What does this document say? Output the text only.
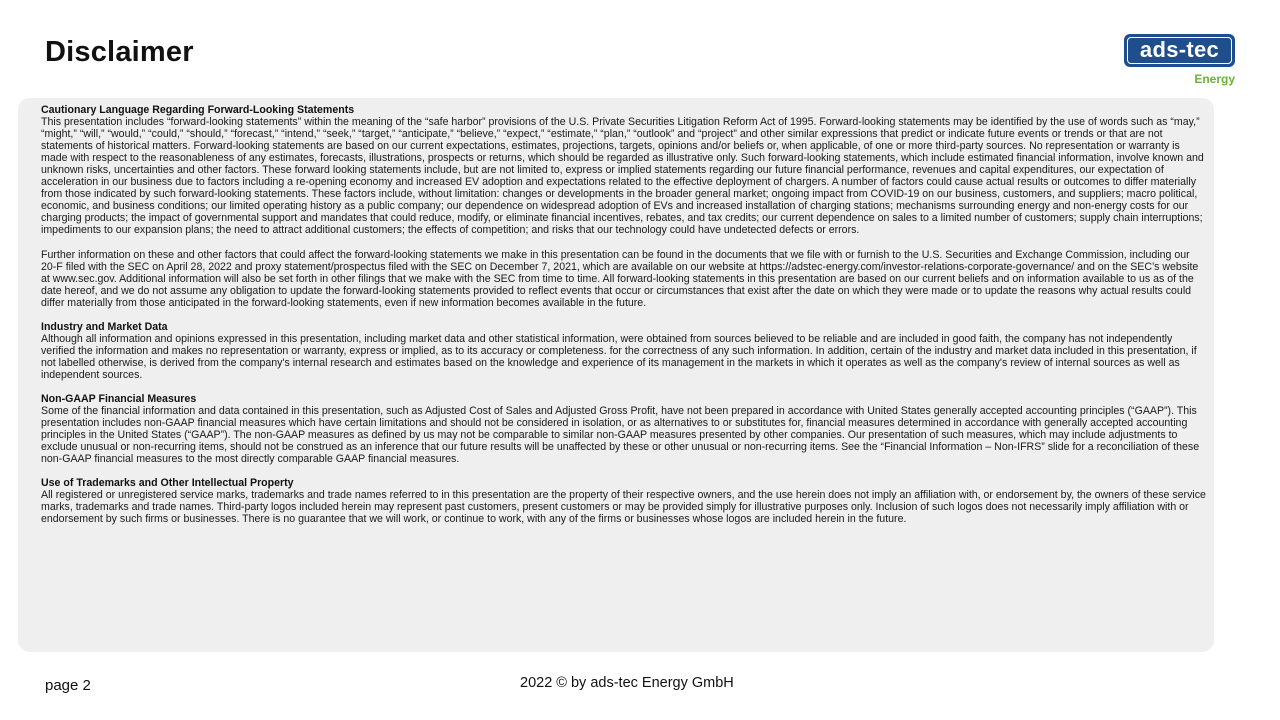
Disclaimer	ads-tec
Energy
Cautionary Language Regarding Forward-Looking Statements

This presentation includes “forward-looking statements” within the meaning of the “safe harbor” provisions of the U.S. Private Securities Litigation Reform Act of 1995. Forward-looking statements may be identified by the use of words such as “may,” “might,” “will,” “would,” “could,” “should,” “forecast,” “intend,” “seek,” “target,” “anticipate,” “believe,” “expect,” “estimate,” “plan,” “outlook” and “project” and other similar expressions that predict or indicate future events or trends or that are not statements of historical matters. Forward-looking statements are based on our current expectations, estimates, projections, targets, opinions and/or beliefs or, when applicable, of one or more third-party sources. No representation or warranty is made with respect to the reasonableness of any estimates, forecasts, illustrations, prospects or returns, which should be regarded as illustrative only. Such forward-looking statements, which include estimated financial information, involve known and unknown risks, uncertainties and other factors. These forward looking statements include, but are not limited to, express or implied statements regarding our future financial performance, revenues and capital expenditures, our expectation of acceleration in our business due to factors including a re-opening economy and increased EV adoption and expectations related to the effective deployment of chargers. A number of factors could cause actual results or outcomes to differ materially from those indicated by such forward-looking statements. These factors include, without limitation: changes or developments in the broader general market; ongoing impact from COVID-19 on our business, customers, and suppliers; macro political, economic, and business conditions; our limited operating history as a public company; our dependence on widespread adoption of EVs and increased installation of charging stations; mechanisms surrounding energy and non-energy costs for our charging products; the impact of governmental support and mandates that could reduce, modify, or eliminate financial incentives, rebates, and tax credits; our current dependence on sales to a limited number of customers; supply chain interruptions; impediments to our expansion plans; the need to attract additional customers; the effects of competition; and risks that our technology could have undetected defects or errors.

Further information on these and other factors that could affect the forward-looking statements we make in this presentation can be found in the documents that we file with or furnish to the U.S. Securities and Exchange Commission, including our 20-F filed with the SEC on April 28, 2022 and proxy statement/prospectus filed with the SEC on December 7, 2021, which are available on our website at https://adstec-energy.com/investor-relations-corporate-governance/ and on the SEC’s website at www.sec.gov. Additional information will also be set forth in other filings that we make with the SEC from time to time. All forward-looking statements in this presentation are based on our current beliefs and on information available to us as of the date hereof, and we do not assume any obligation to update the forward-looking statements provided to reflect events that occur or circumstances that exist after the date on which they were made or to update the reasons why actual results could differ materially from those anticipated in the forward-looking statements, even if new information becomes available in the future.

Industry and Market Data

Although all information and opinions expressed in this presentation, including market data and other statistical information, were obtained from sources believed to be reliable and are included in good faith, the company has not independently verified the information and makes no representation or warranty, express or implied, as to its accuracy or completeness. for the correctness of any such information. In addition, certain of the industry and market data included in this presentation, if not labelled otherwise, is derived from the company's internal research and estimates based on the knowledge and experience of its management in the markets in which it operates as well as the company's review of internal sources as well as independent sources.

Non-GAAP Financial Measures

Some of the financial information and data contained in this presentation, such as Adjusted Cost of Sales and Adjusted Gross Profit, have not been prepared in accordance with United States generally accepted accounting principles (“GAAP”). This presentation includes non-GAAP financial measures which have certain limitations and should not be considered in isolation, or as alternatives to or substitutes for, financial measures determined in accordance with generally accepted accounting principles in the United States (“GAAP”). The non-GAAP measures as defined by us may not be comparable to similar non-GAAP measures presented by other companies. Our presentation of such measures, which may include adjustments to exclude unusual or non-recurring items, should not be construed as an inference that our future results will be unaffected by these or other unusual or non-recurring items. See the “Financial Information – Non-IFRS” slide for a reconciliation of these non-GAAP financial measures to the most directly comparable GAAP financial measures.

Use of Trademarks and Other Intellectual Property

All registered or unregistered service marks, trademarks and trade names referred to in this presentation are the property of their respective owners, and the use herein does not imply an affiliation with, or endorsement by, the owners of these service marks, trademarks and trade names. Third-party logos included herein may represent past customers, present customers or may be provided simply for illustrative purposes only. Inclusion of such logos does not necessarily imply affiliation with or endorsement by such firms or businesses. There is no guarantee that we will work, or continue to work, with any of the firms or businesses whose logos are included herein in the future.

page 2	2022 © by ads-tec Energy GmbH
